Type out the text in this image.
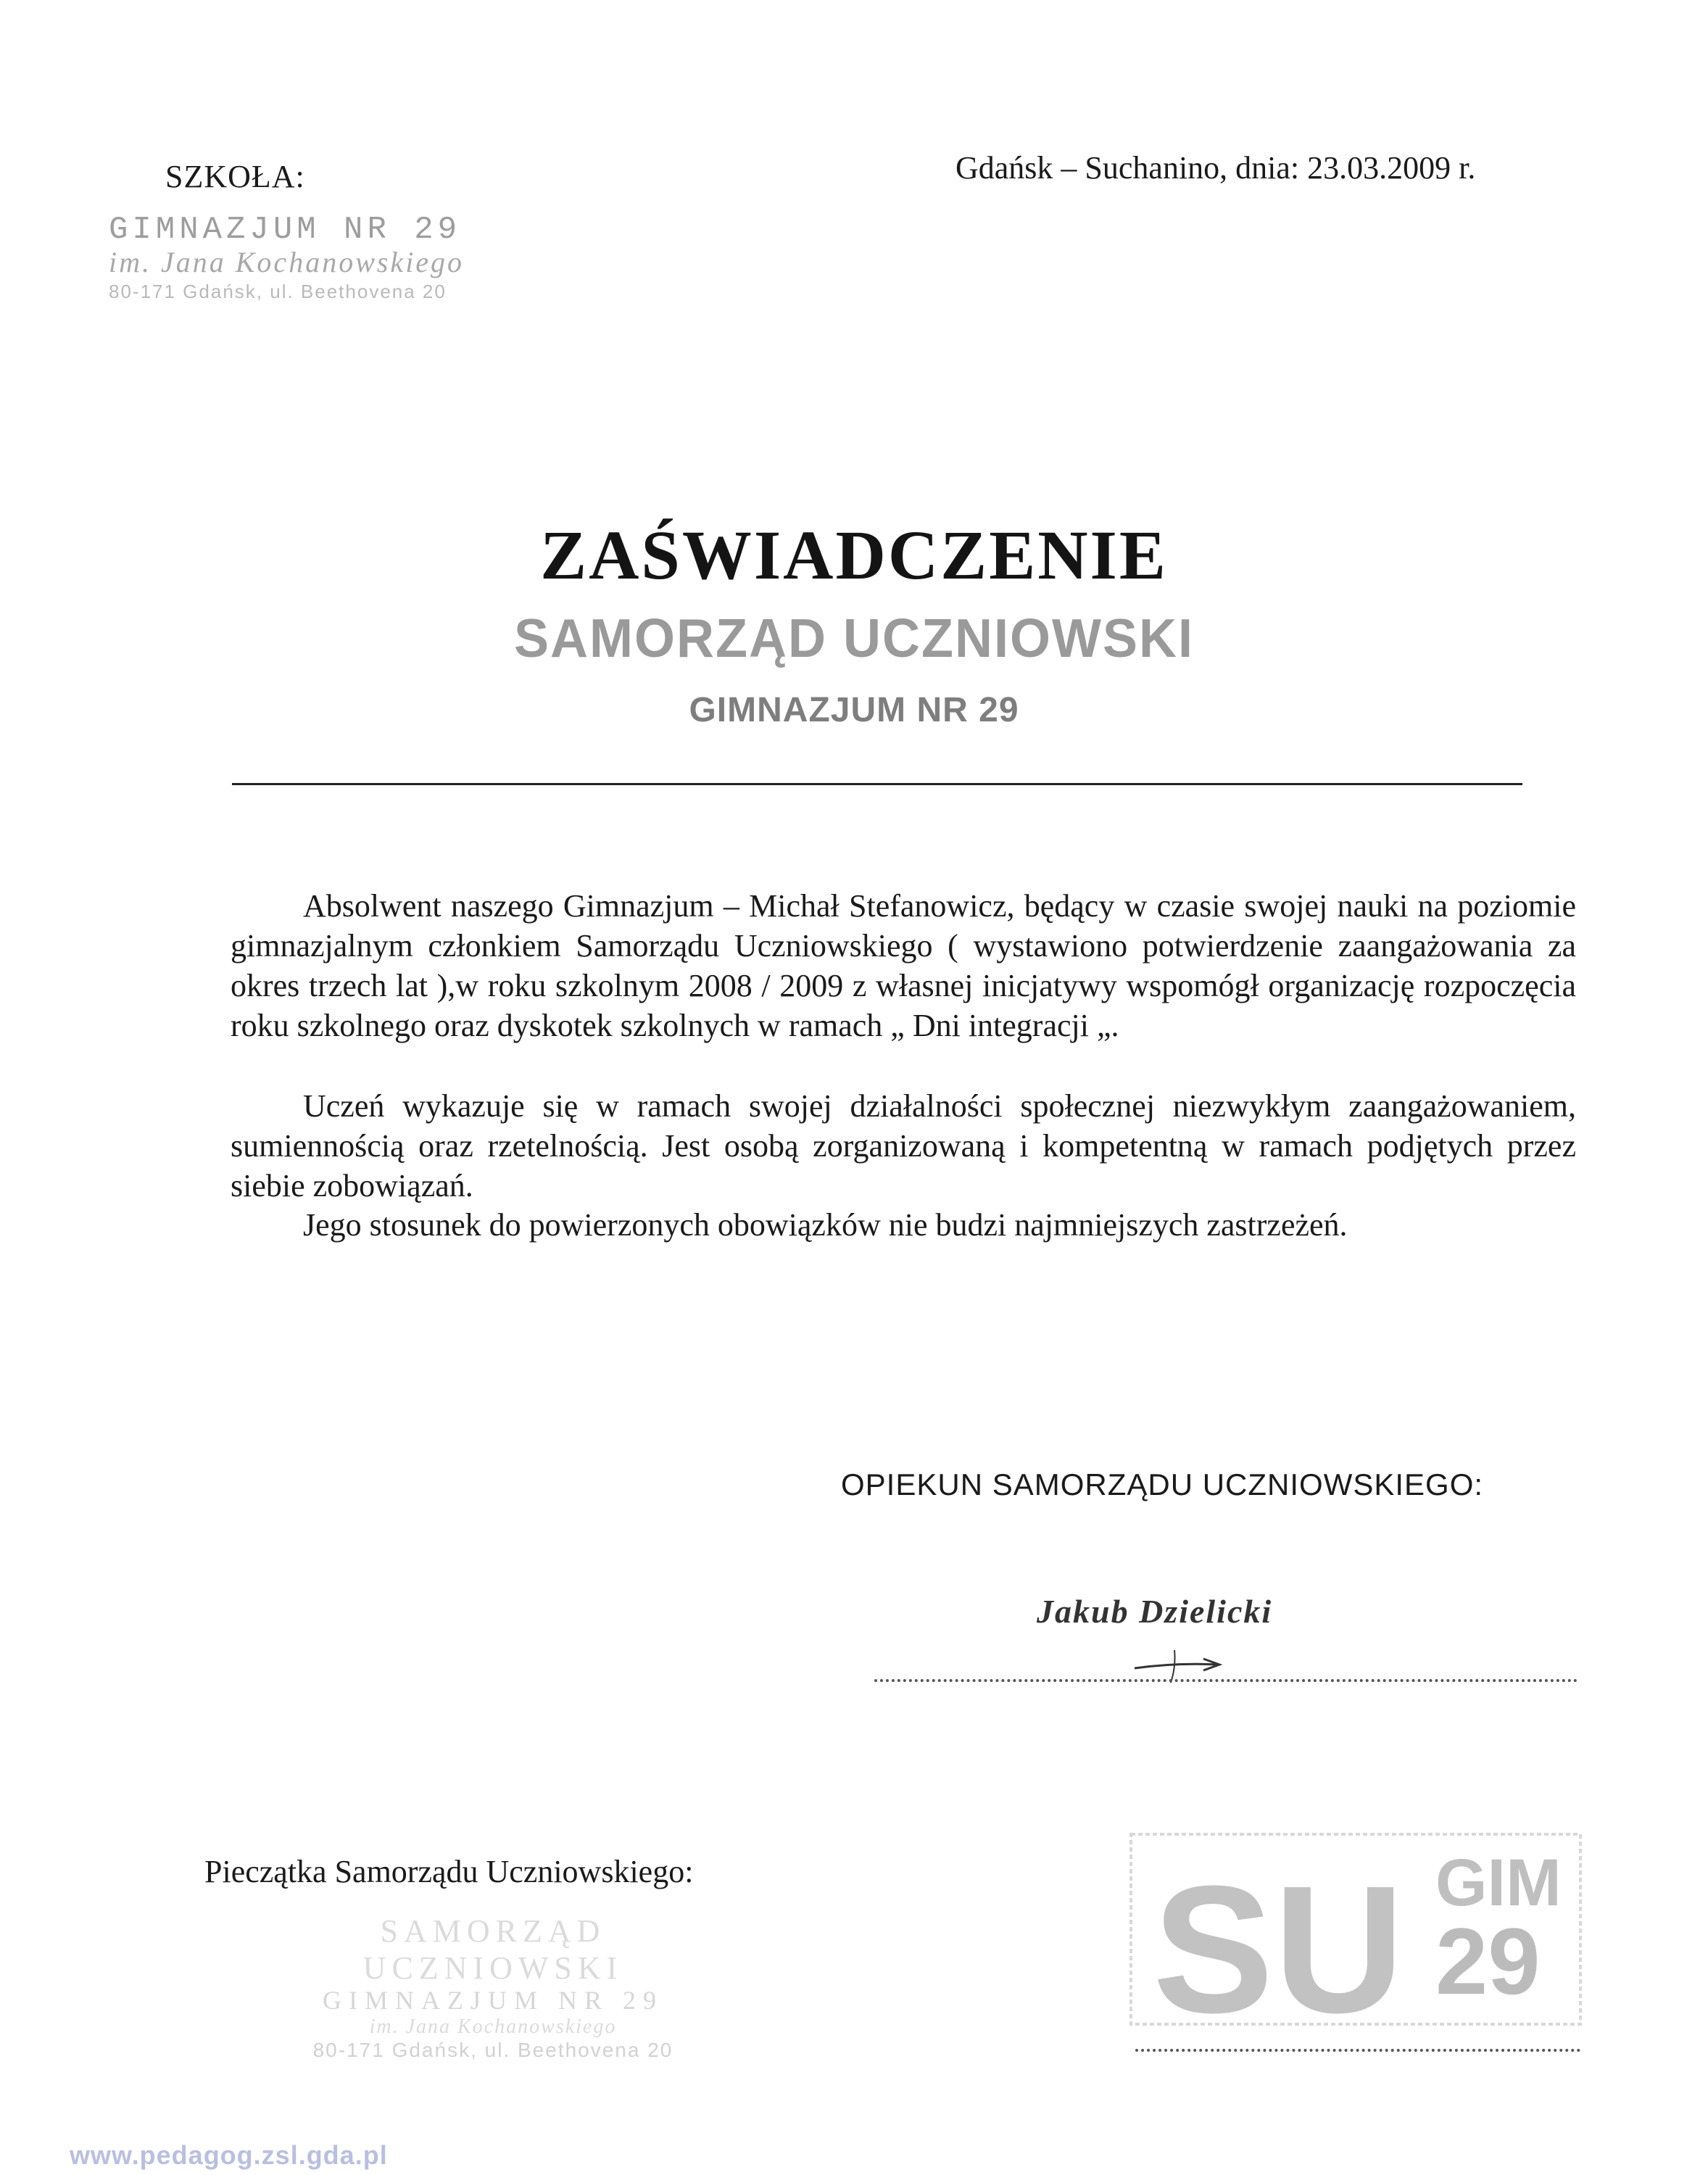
SZKOŁA:	Gdańsk – Suchanino, dnia: 23.03.2009 r.
GIMNAZJUM NR 29
im. Jana Kochanowskiego
80-171 Gdańsk, ul. Beethovena 20
ZAŚWIADCZENIE
SAMORZĄD UCZNIOWSKI
GIMNAZJUM NR 29
Absolwent naszego Gimnazjum – Michał Stefanowicz, będący w czasie swojej nauki na poziomie gimnazjalnym członkiem Samorządu Uczniowskiego ( wystawiono potwierdzenie zaangażowania za okres trzech lat ),w roku szkolnym 2008 / 2009 z własnej inicjatywy wspomógł organizację rozpoczęcia roku szkolnego oraz dyskotek szkolnych w ramach „ Dni integracji „.
Uczeń wykazuje się w ramach swojej działalności społecznej niezwykłym zaangażowaniem, sumiennością oraz rzetelnością. Jest osobą zorganizowaną i kompetentną w ramach podjętych przez siebie zobowiązań.
Jego stosunek do powierzonych obowiązków nie budzi najmniejszych zastrzeżeń.
OPIEKUN SAMORZĄDU UCZNIOWSKIEGO:
Jakub Dzielicki
Pieczątka Samorządu Uczniowskiego:
SAMORZĄD UCZNIOWSKI
GIMNAZJUM NR 29
im. Jana Kochanowskiego
80-171 Gdańsk, ul. Beethovena 20	SU GIM
29
www.pedagog.zsl.gda.pl
